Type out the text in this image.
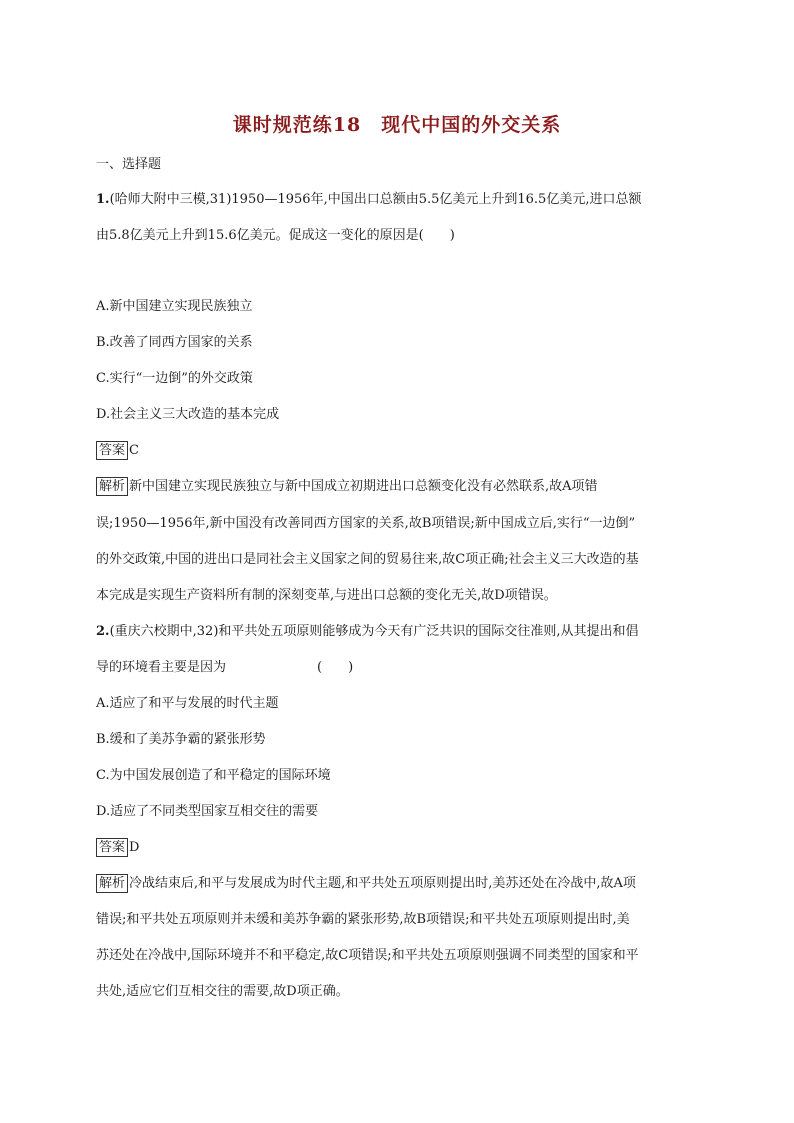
课时规范练18　现代中国的外交关系
一、选择题
1.(哈师大附中三模,31)1950—1956年,中国出口总额由5.5亿美元上升到16.5亿美元,进口总额
由5.8亿美元上升到15.6亿美元。促成这一变化的原因是(　　)
A.新中国建立实现民族独立
B.改善了同西方国家的关系
C.实行“一边倒”的外交政策
D.社会主义三大改造的基本完成
答案 C
解析 新中国建立实现民族独立与新中国成立初期进出口总额变化没有必然联系,故A项错
误;1950—1956年,新中国没有改善同西方国家的关系,故B项错误;新中国成立后,实行“一边倒”
的外交政策,中国的进出口是同社会主义国家之间的贸易往来,故C项正确;社会主义三大改造的基
本完成是实现生产资料所有制的深刻变革,与进出口总额的变化无关,故D项错误。
2.(重庆六校期中,32)和平共处五项原则能够成为今天有广泛共识的国际交往准则,从其提出和倡
导的环境看主要是因为　　　　　　　(　　)
A.适应了和平与发展的时代主题
B.缓和了美苏争霸的紧张形势
C.为中国发展创造了和平稳定的国际环境
D.适应了不同类型国家互相交往的需要
答案 D
解析 冷战结束后,和平与发展成为时代主题,和平共处五项原则提出时,美苏还处在冷战中,故A项
错误;和平共处五项原则并未缓和美苏争霸的紧张形势,故B项错误;和平共处五项原则提出时,美
苏还处在冷战中,国际环境并不和平稳定,故C项错误;和平共处五项原则强调不同类型的国家和平
共处,适应它们互相交往的需要,故D项正确。
